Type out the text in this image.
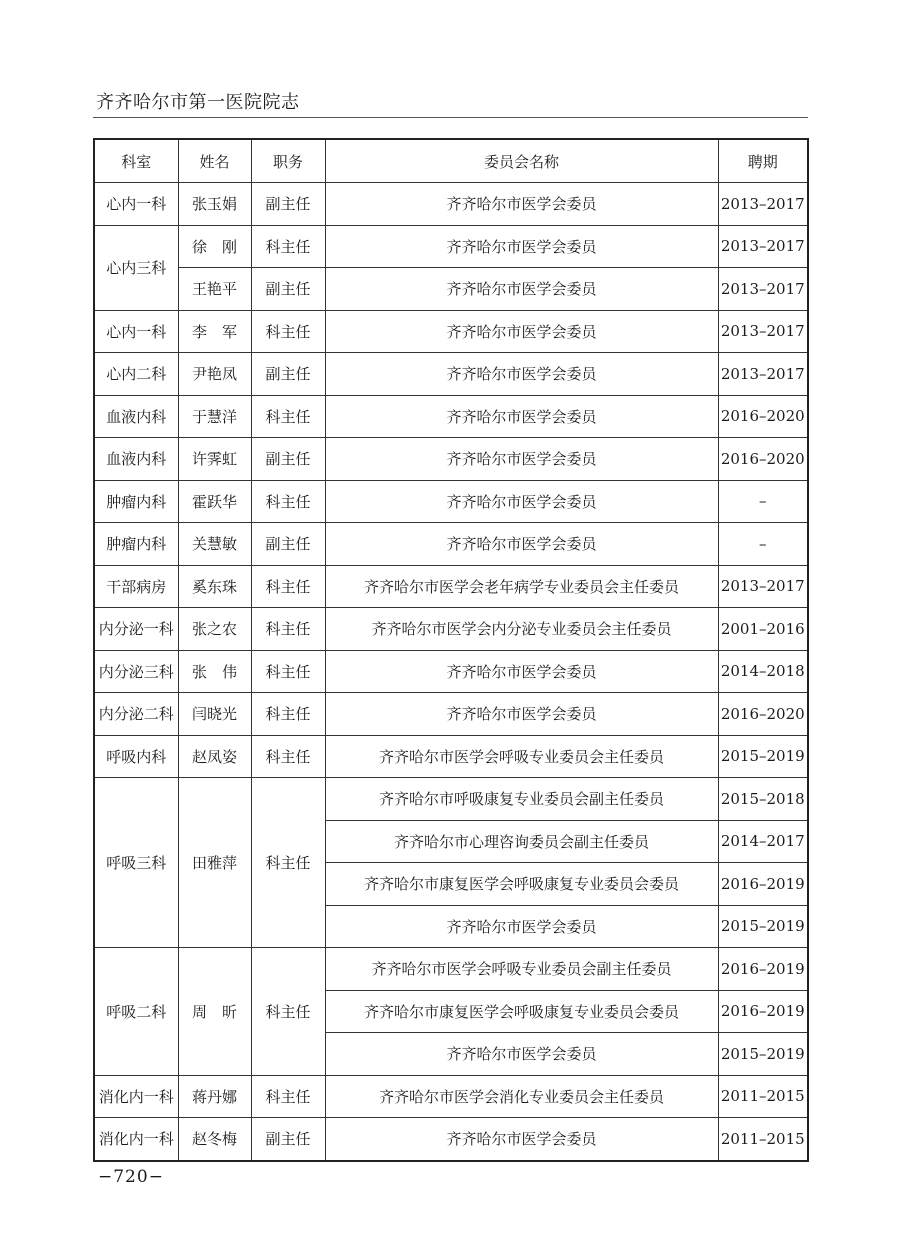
齐齐哈尔市第一医院院志
科室	姓名	职务	委员会名称	聘期
心内一科	张玉娟	副主任	齐齐哈尔市医学会委员	2013–2017
心内三科	徐　刚	科主任	齐齐哈尔市医学会委员	2013–2017
	王艳平	副主任	齐齐哈尔市医学会委员	2013–2017
心内一科	李　军	科主任	齐齐哈尔市医学会委员	2013–2017
心内二科	尹艳凤	副主任	齐齐哈尔市医学会委员	2013–2017
血液内科	于慧洋	科主任	齐齐哈尔市医学会委员	2016–2020
血液内科	许霁虹	副主任	齐齐哈尔市医学会委员	2016–2020
肿瘤内科	霍跃华	科主任	齐齐哈尔市医学会委员	–
肿瘤内科	关慧敏	副主任	齐齐哈尔市医学会委员	–
干部病房	奚东珠	科主任	齐齐哈尔市医学会老年病学专业委员会主任委员	2013–2017
内分泌一科	张之农	科主任	齐齐哈尔市医学会内分泌专业委员会主任委员	2001–2016
内分泌三科	张　伟	科主任	齐齐哈尔市医学会委员	2014–2018
内分泌二科	闫晓光	科主任	齐齐哈尔市医学会委员	2016–2020
呼吸内科	赵凤姿	科主任	齐齐哈尔市医学会呼吸专业委员会主任委员	2015–2019
呼吸三科	田雅萍	科主任	齐齐哈尔市呼吸康复专业委员会副主任委员	2015–2018
			齐齐哈尔市心理咨询委员会副主任委员	2014–2017
			齐齐哈尔市康复医学会呼吸康复专业委员会委员	2016–2019
			齐齐哈尔市医学会委员	2015–2019
呼吸二科	周　昕	科主任	齐齐哈尔市医学会呼吸专业委员会副主任委员	2016–2019
			齐齐哈尔市康复医学会呼吸康复专业委员会委员	2016–2019
			齐齐哈尔市医学会委员	2015–2019
消化内一科	蒋丹娜	科主任	齐齐哈尔市医学会消化专业委员会主任委员	2011–2015
消化内一科	赵冬梅	副主任	齐齐哈尔市医学会委员	2011–2015
−720−
